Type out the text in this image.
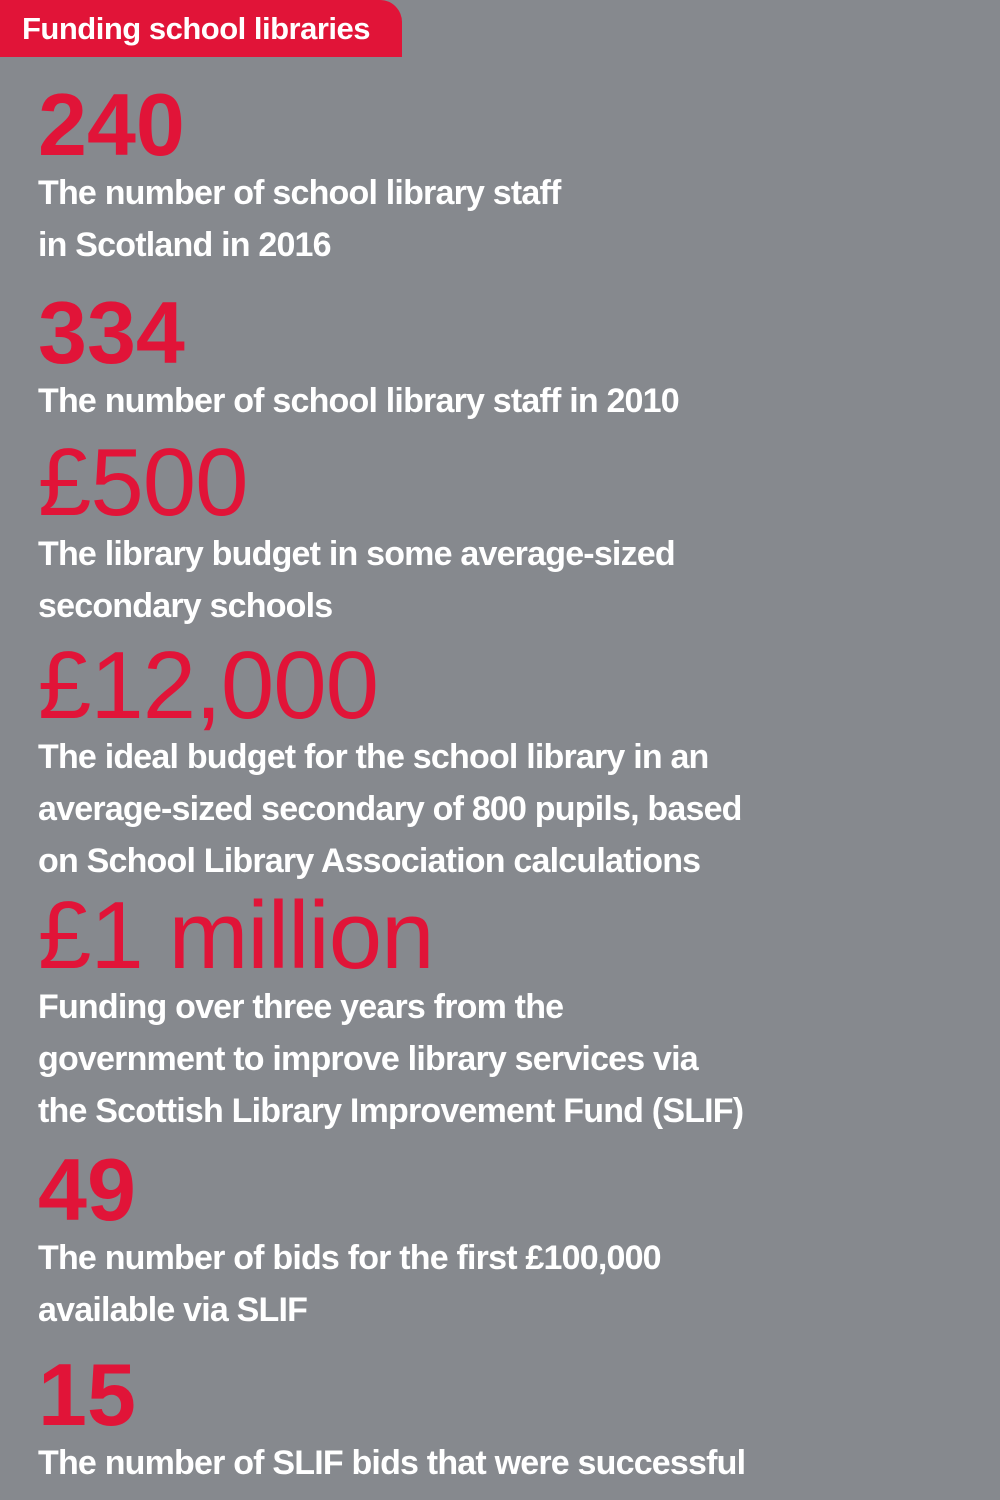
Funding school libraries
240
The number of school library staff
in Scotland in 2016
334
The number of school library staff in 2010
£500
The library budget in some average-sized
secondary schools
£12,000
The ideal budget for the school library in an
average-sized secondary of 800 pupils, based
on School Library Association calculations
£1 million
Funding over three years from the
government to improve library services via
the Scottish Library Improvement Fund (SLIF)
49
The number of bids for the first £100,000
available via SLIF
15
The number of SLIF bids that were successful
